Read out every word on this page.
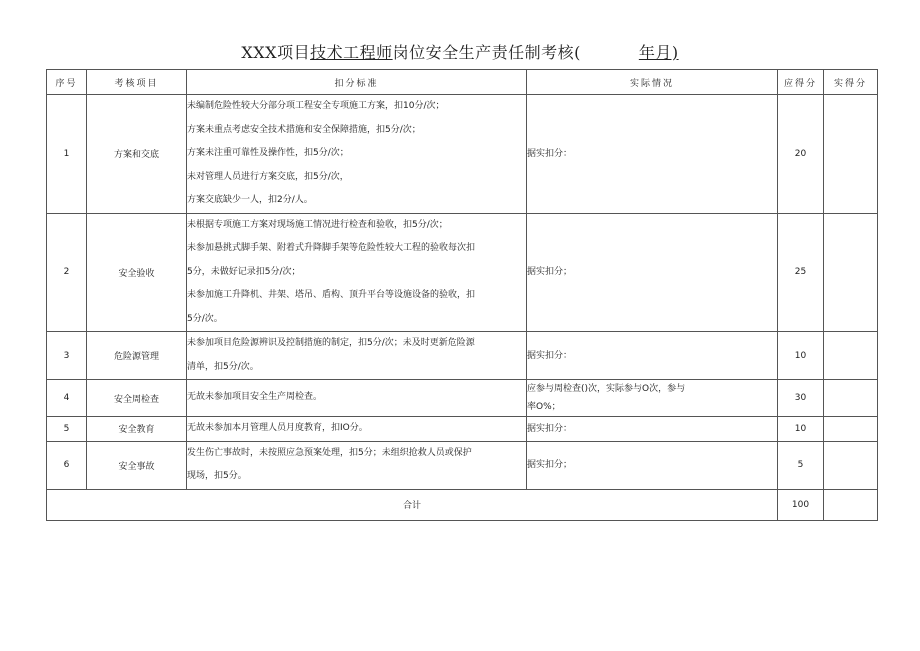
XXX项目技术工程师岗位安全生产责任制考核(	年月)
序号	考核项目	扣分标准	实际情况	应得分	实得分
1	方案和交底	未编制危险性较大分部分项工程安全专项施工方案，扣10分/次；
方案未重点考虑安全技术措施和安全保障措施，扣5分/次；
方案未注重可靠性及操作性，扣5分/次；
未对管理人员进行方案交底，扣5分/次，
方案交底缺少一人，扣2分/人。	据实扣分：	20	
2	安全验收	未根据专项施工方案对现场施工情况进行检查和验收，扣5分/次；
未参加悬挑式脚手架、附着式升降脚手架等危险性较大工程的验收每次扣
5分，未做好记录扣5分/次；
未参加施工升降机、井架、塔吊、盾构、顶升平台等设施设备的验收，扣
5分/次。	据实扣分；	25	
3	危险源管理	未参加项目危险源辨识及控制措施的制定，扣5分/次；未及时更新危险源
清单，扣5分/次。	据实扣分：	10	
4	安全周检查	无故未参加项目安全生产周检查。	应参与周检查()次，实际参与O次，参与
率O%；	30	
5	安全教育	无故未参加本月管理人员月度教育，扣IO分。	据实扣分：	10	
6	安全事故	发生伤亡事故时，未按照应急预案处理，扣5分；未组织抢救人员或保护
现场，扣5分。	据实扣分；	5	
合计				100	
